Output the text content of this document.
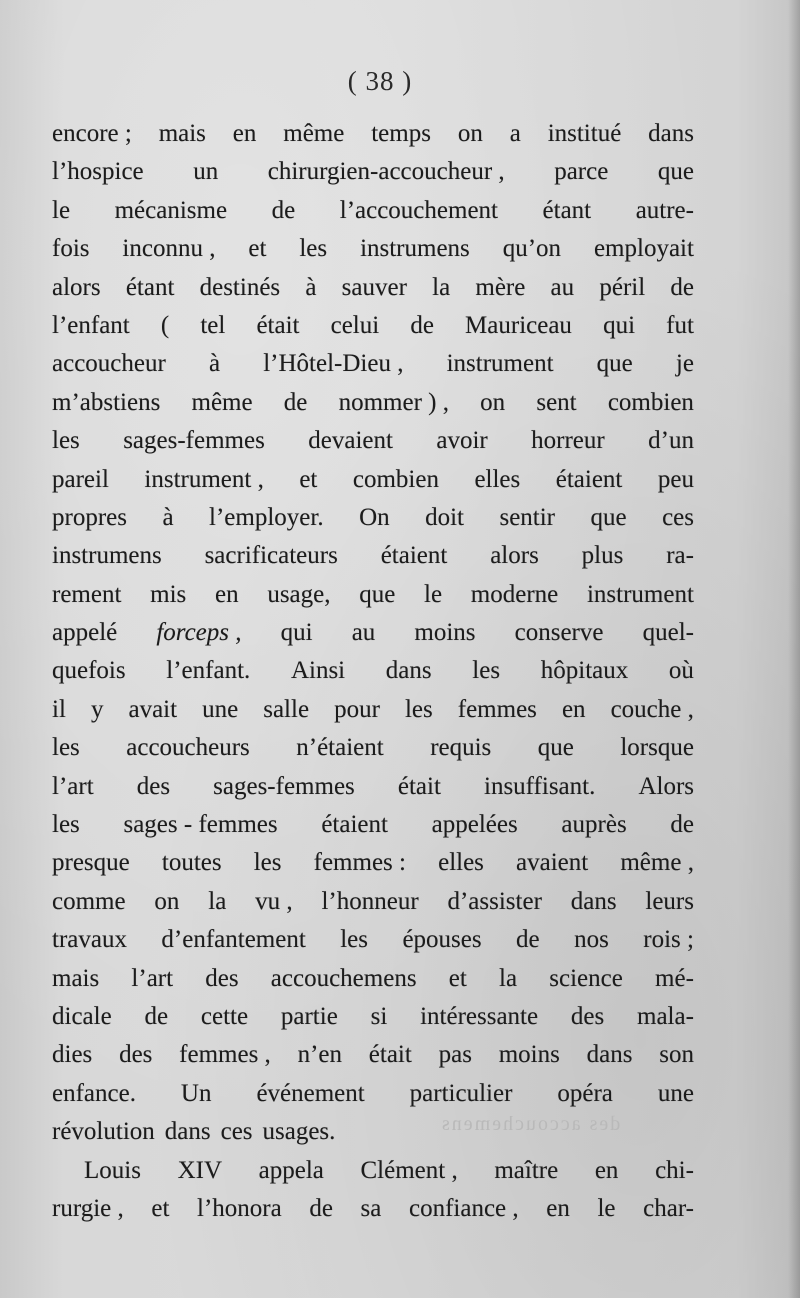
( 38 )
encore ; mais en même temps on a institué dans
l’hospice un chirurgien-accoucheur , parce que
le mécanisme de l’accouchement étant autre-
fois inconnu , et les instrumens qu’on employait
alors étant destinés à sauver la mère au péril de
l’enfant ( tel était celui de Mauriceau qui fut
accoucheur à l’Hôtel-Dieu , instrument que je
m’abstiens même de nommer ) , on sent combien
les sages-femmes devaient avoir horreur d’un
pareil instrument , et combien elles étaient peu
propres à l’employer. On doit sentir que ces
instrumens sacrificateurs étaient alors plus ra-
rement mis en usage, que le moderne instrument
appelé forceps , qui au moins conserve quel-
quefois l’enfant. Ainsi dans les hôpitaux où
il y avait une salle pour les femmes en couche ,
les accoucheurs n’étaient requis que lorsque
l’art des sages-femmes était insuffisant. Alors
les sages - femmes étaient appelées auprès de
presque toutes les femmes : elles avaient même ,
comme on la vu , l’honneur d’assister dans leurs
travaux d’enfantement les épouses de nos rois ;
mais l’art des accouchemens et la science mé-
dicale de cette partie si intéressante des mala-
dies des femmes , n’en était pas moins dans son
enfance. Un événement particulier opéra une
révolution dans ces usages.
Louis XIV appela Clément , maître en chi-
rurgie , et l’honora de sa confiance , en le char-
des accouchemens
